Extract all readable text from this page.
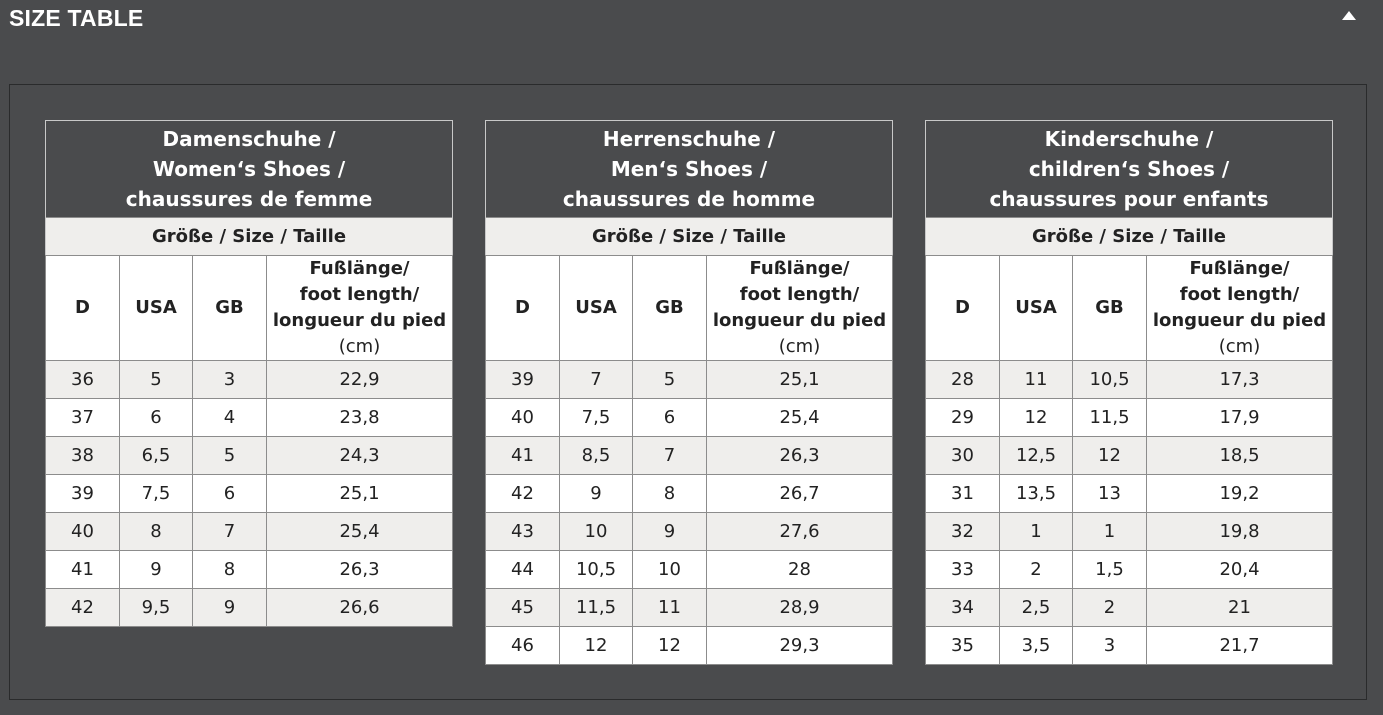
SIZE TABLE
Damenschuhe /
Women‘s Shoes /
chaussures de femme			

Größe / Size / Taille			
D	USA	GB	Fußlänge/
foot length/
longueur du pied
(cm)

36	5	3	22,9
37	6	4	23,8
38	6,5	5	24,3
39	7,5	6	25,1
40	8	7	25,4
41	9	8	26,3
42	9,5	9	26,6
Herrenschuhe /
Men‘s Shoes /
chaussures de homme			

Größe / Size / Taille			
D	USA	GB	Fußlänge/
foot length/
longueur du pied
(cm)

39	7	5	25,1
40	7,5	6	25,4
41	8,5	7	26,3
42	9	8	26,7
43	10	9	27,6
44	10,5	10	28
45	11,5	11	28,9
46	12	12	29,3
Kinderschuhe /
children‘s Shoes /
chaussures pour enfants			

Größe / Size / Taille			
D	USA	GB	Fußlänge/
foot length/
longueur du pied
(cm)

28	11	10,5	17,3
29	12	11,5	17,9
30	12,5	12	18,5
31	13,5	13	19,2
32	1	1	19,8
33	2	1,5	20,4
34	2,5	2	21
35	3,5	3	21,7
